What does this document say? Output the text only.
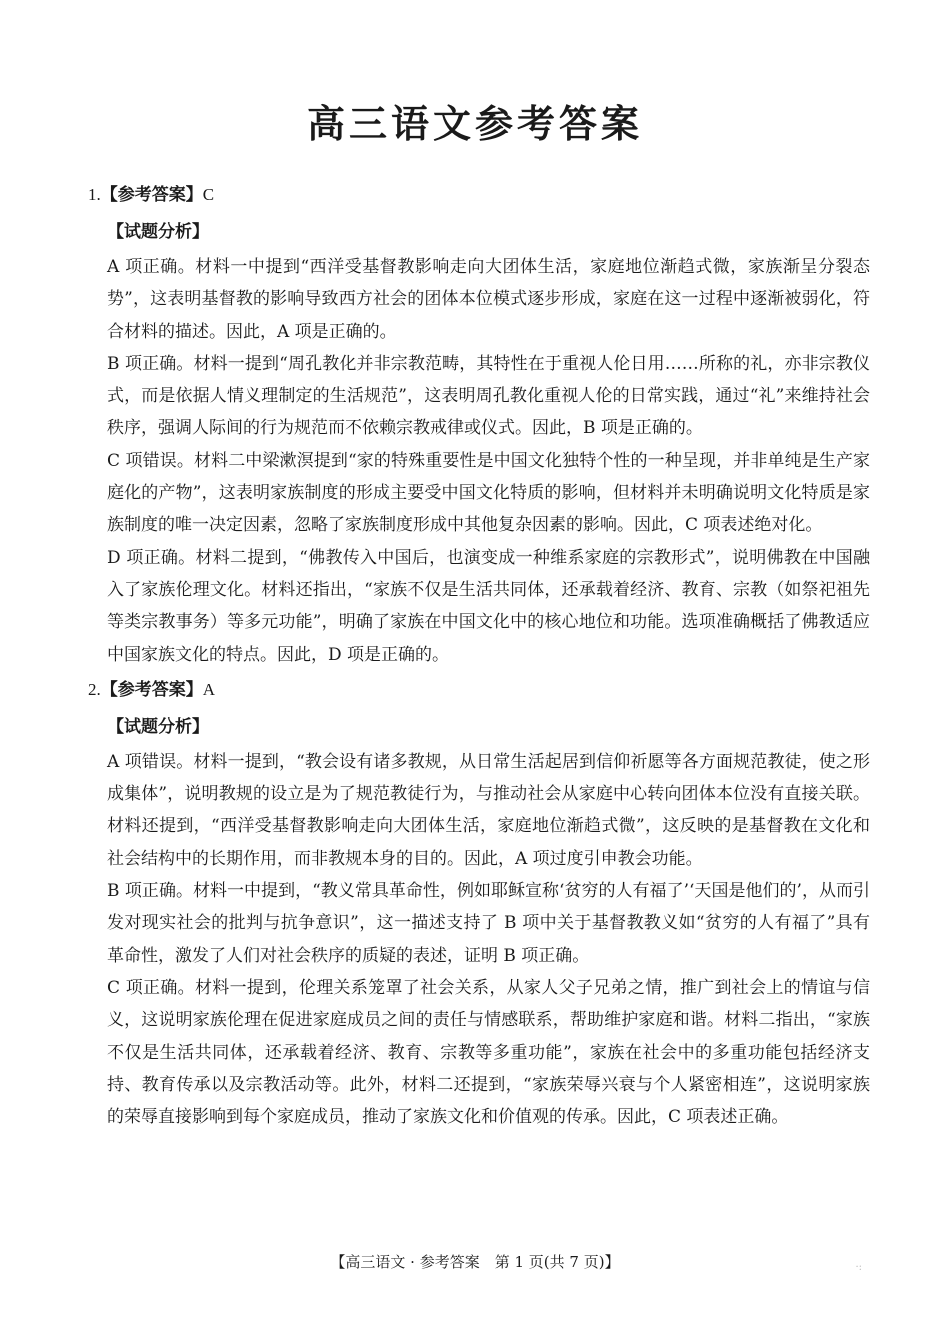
高三语文参考答案

1.【参考答案】C

【试题分析】

A 项正确。材料一中提到“西洋受基督教影响走向大团体生活，家庭地位渐趋式微，家族渐呈分裂态势”，这表明基督教的影响导致西方社会的团体本位模式逐步形成，家庭在这一过程中逐渐被弱化，符合材料的描述。因此，A 项是正确的。

B 项正确。材料一提到“周孔教化并非宗教范畴，其特性在于重视人伦日用……所称的礼，亦非宗教仪式，而是依据人情义理制定的生活规范”，这表明周孔教化重视人伦的日常实践，通过“礼”来维持社会秩序，强调人际间的行为规范而不依赖宗教戒律或仪式。因此，B 项是正确的。

C 项错误。材料二中梁漱溟提到“家的特殊重要性是中国文化独特个性的一种呈现，并非单纯是生产家庭化的产物”，这表明家族制度的形成主要受中国文化特质的影响，但材料并未明确说明文化特质是家族制度的唯一决定因素，忽略了家族制度形成中其他复杂因素的影响。因此，C 项表述绝对化。

D 项正确。材料二提到，“佛教传入中国后，也演变成一种维系家庭的宗教形式”，说明佛教在中国融入了家族伦理文化。材料还指出，“家族不仅是生活共同体，还承载着经济、教育、宗教（如祭祀祖先等类宗教事务）等多元功能”，明确了家族在中国文化中的核心地位和功能。选项准确概括了佛教适应中国家族文化的特点。因此，D 项是正确的。

2.【参考答案】A

【试题分析】

A 项错误。材料一提到，“教会设有诸多教规，从日常生活起居到信仰祈愿等各方面规范教徒，使之形成集体”，说明教规的设立是为了规范教徒行为，与推动社会从家庭中心转向团体本位没有直接关联。材料还提到，“西洋受基督教影响走向大团体生活，家庭地位渐趋式微”，这反映的是基督教在文化和社会结构中的长期作用，而非教规本身的目的。因此，A 项过度引申教会功能。

B 项正确。材料一中提到，“教义常具革命性，例如耶稣宣称‘贫穷的人有福了’‘天国是他们的’，从而引发对现实社会的批判与抗争意识”，这一描述支持了 B 项中关于基督教教义如“贫穷的人有福了”具有革命性，激发了人们对社会秩序的质疑的表述，证明 B 项正确。

C 项正确。材料一提到，伦理关系笼罩了社会关系，从家人父子兄弟之情，推广到社会上的情谊与信义，这说明家族伦理在促进家庭成员之间的责任与情感联系，帮助维护家庭和谐。材料二指出，“家族不仅是生活共同体，还承载着经济、教育、宗教等多重功能”，家族在社会中的多重功能包括经济支持、教育传承以及宗教活动等。此外，材料二还提到，“家族荣辱兴衰与个人紧密相连”，这说明家族的荣辱直接影响到每个家庭成员，推动了家族文化和价值观的传承。因此，C 项表述正确。

【高三语文 · 参考答案　第 1 页(共 7 页)】	·:
